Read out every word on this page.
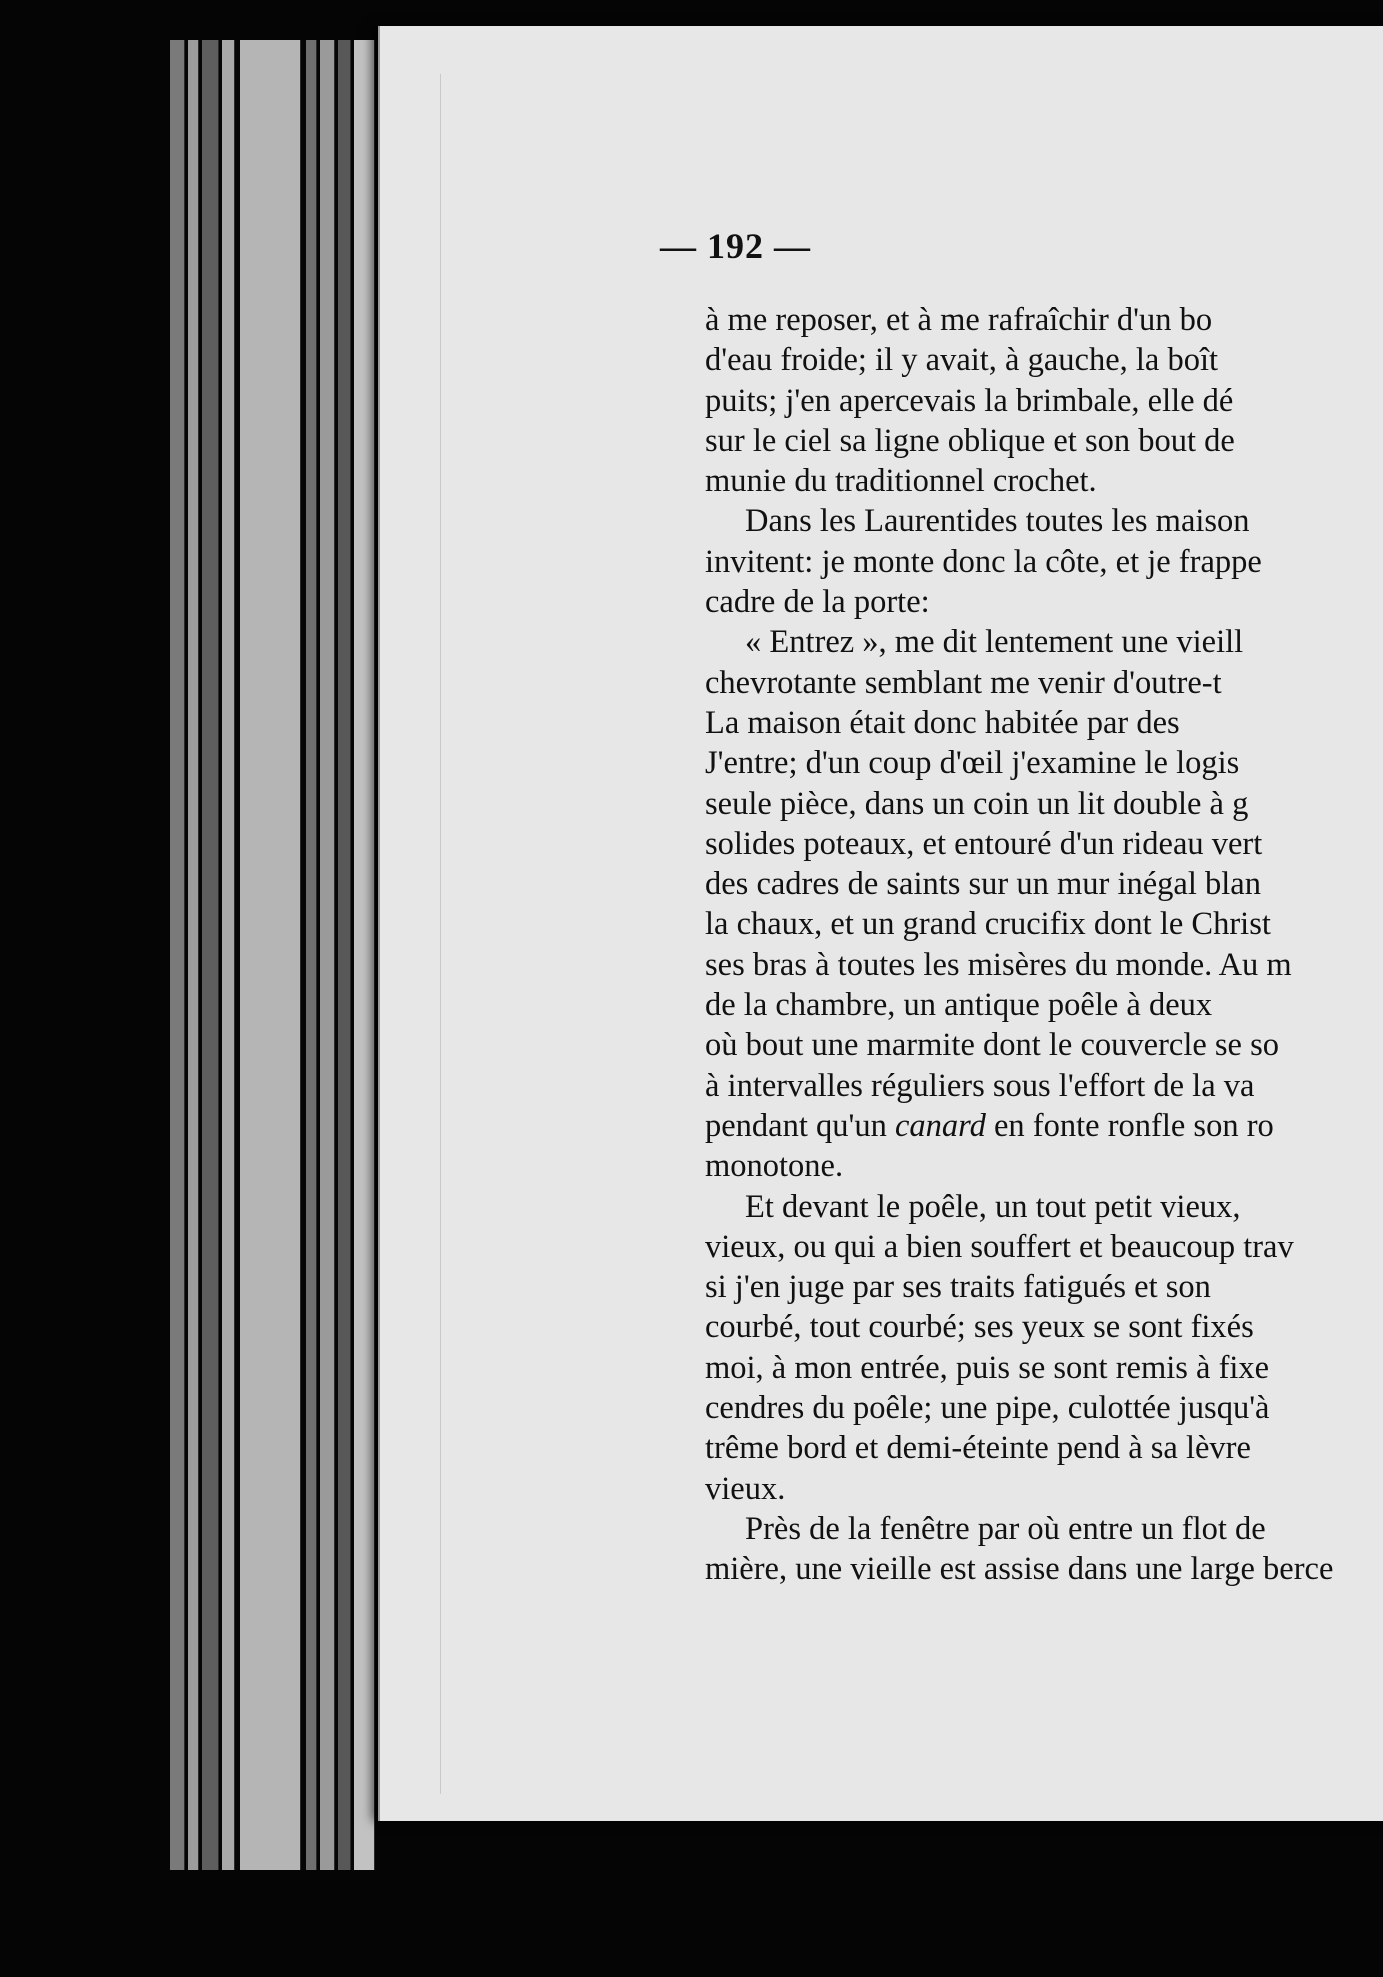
— 192 —
à me reposer, et à me rafraîchir d'un bo
d'eau froide; il y avait, à gauche, la boît
puits; j'en apercevais la brimbale, elle dé
sur le ciel sa ligne oblique et son bout de
munie du traditionnel crochet.
Dans les Laurentides toutes les maison
invitent: je monte donc la côte, et je frappe
cadre de la porte:
« Entrez », me dit lentement une vieill
chevrotante semblant me venir d'outre-t
La maison était donc habitée par des
J'entre; d'un coup d'œil j'examine le logis
seule pièce, dans un coin un lit double à g
solides poteaux, et entouré d'un rideau vert
des cadres de saints sur un mur inégal blan
la chaux, et un grand crucifix dont le Christ
ses bras à toutes les misères du monde. Au m
de la chambre, un antique poêle à deux
où bout une marmite dont le couvercle se so
à intervalles réguliers sous l'effort de la va
pendant qu'un canard en fonte ronfle son ro
monotone.
Et devant le poêle, un tout petit vieux,
vieux, ou qui a bien souffert et beaucoup trav
si j'en juge par ses traits fatigués et son
courbé, tout courbé; ses yeux se sont fixés
moi, à mon entrée, puis se sont remis à fixe
cendres du poêle; une pipe, culottée jusqu'à
trême bord et demi-éteinte pend à sa lèvre
vieux.
Près de la fenêtre par où entre un flot de
mière, une vieille est assise dans une large berce
